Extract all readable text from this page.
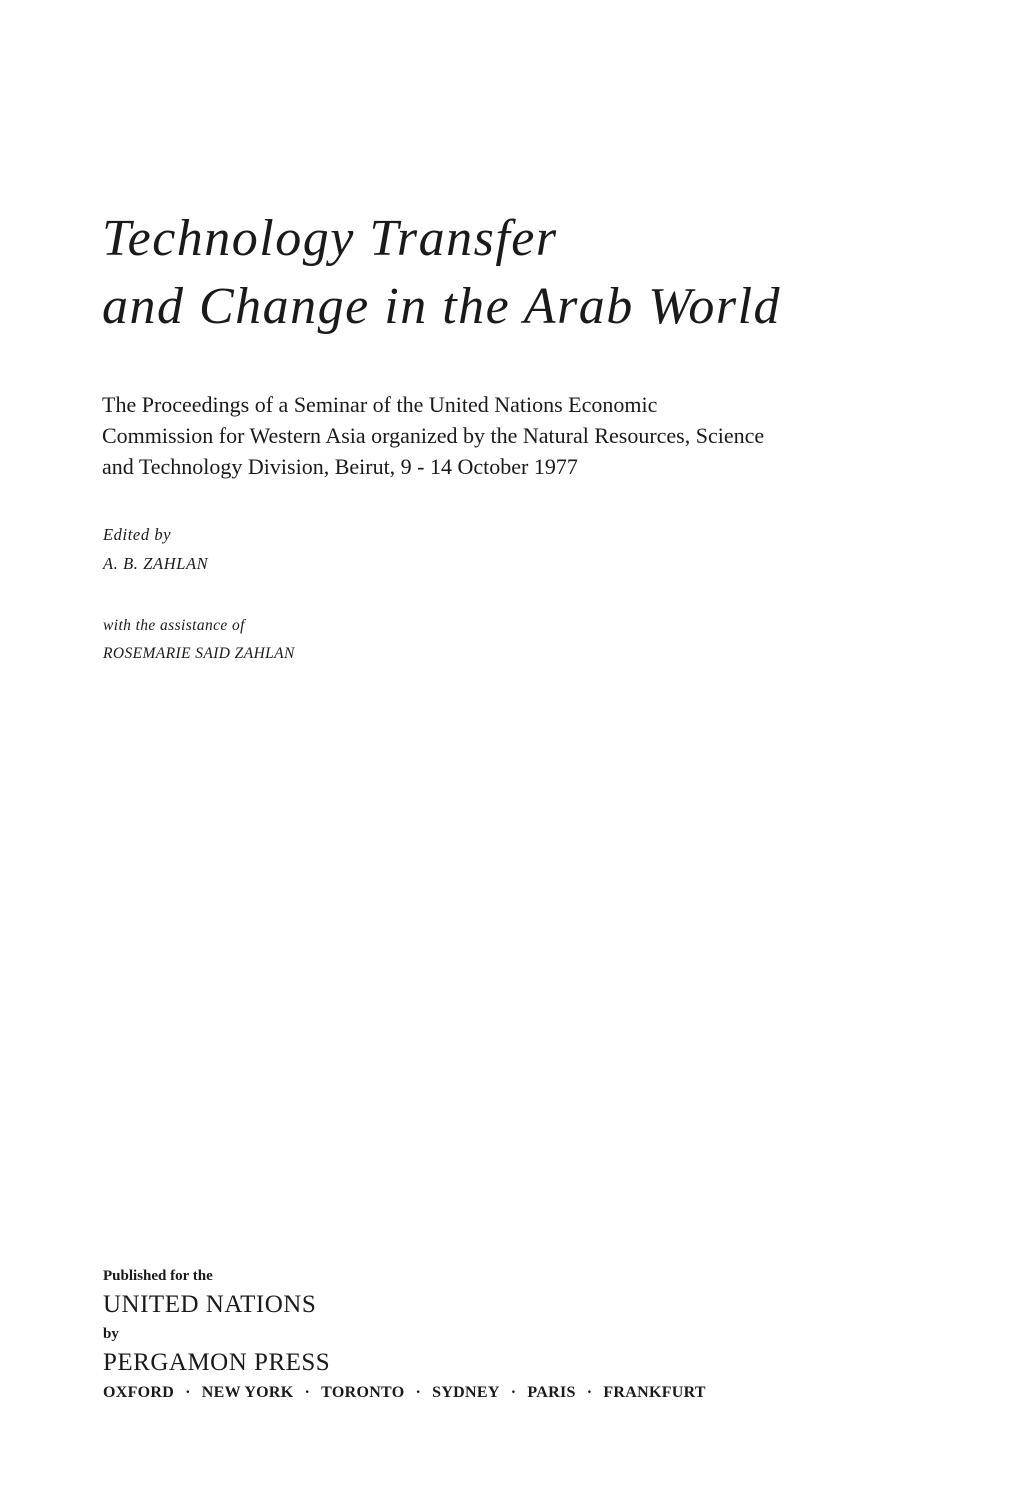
Technology Transfer
and Change in the Arab World

The Proceedings of a Seminar of the United Nations Economic
Commission for Western Asia organized by the Natural Resources, Science
and Technology Division, Beirut, 9 - 14 October 1977

Edited by
A. B. ZAHLAN

with the assistance of
ROSEMARIE SAID ZAHLAN

Published for the
UNITED NATIONS
by
PERGAMON PRESS
OXFORD · NEW YORK · TORONTO · SYDNEY · PARIS · FRANKFURT
